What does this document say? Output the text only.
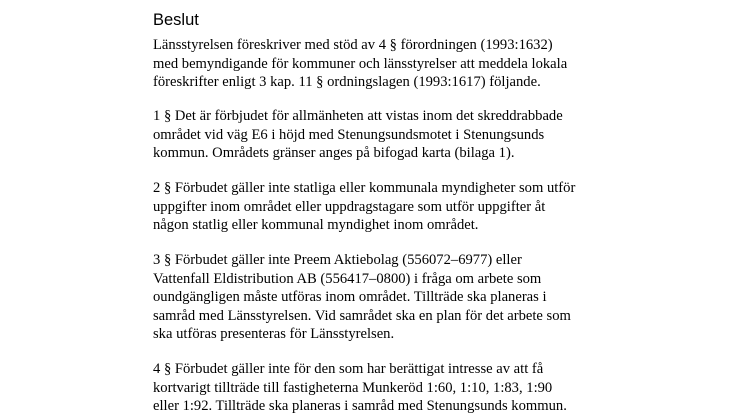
Beslut

Länsstyrelsen föreskriver med stöd av 4 § förordningen (1993:1632)
med bemyndigande för kommuner och länsstyrelser att meddela lokala
föreskrifter enligt 3 kap. 11 § ordningslagen (1993:1617) följande.

1 § Det är förbjudet för allmänheten att vistas inom det skreddrabbade
området vid väg E6 i höjd med Stenungsundsmotet i Stenungsunds
kommun. Områdets gränser anges på bifogad karta (bilaga 1).

2 § Förbudet gäller inte statliga eller kommunala myndigheter som utför
uppgifter inom området eller uppdragstagare som utför uppgifter åt
någon statlig eller kommunal myndighet inom området.

3 § Förbudet gäller inte Preem Aktiebolag (556072–6977) eller
Vattenfall Eldistribution AB (556417–0800) i fråga om arbete som
oundgängligen måste utföras inom området. Tillträde ska planeras i
samråd med Länsstyrelsen. Vid samrådet ska en plan för det arbete som
ska utföras presenteras för Länsstyrelsen.

4 § Förbudet gäller inte för den som har berättigat intresse av att få
kortvarigt tillträde till fastigheterna Munkeröd 1:60, 1:10, 1:83, 1:90
eller 1:92. Tillträde ska planeras i samråd med Stenungsunds kommun.
